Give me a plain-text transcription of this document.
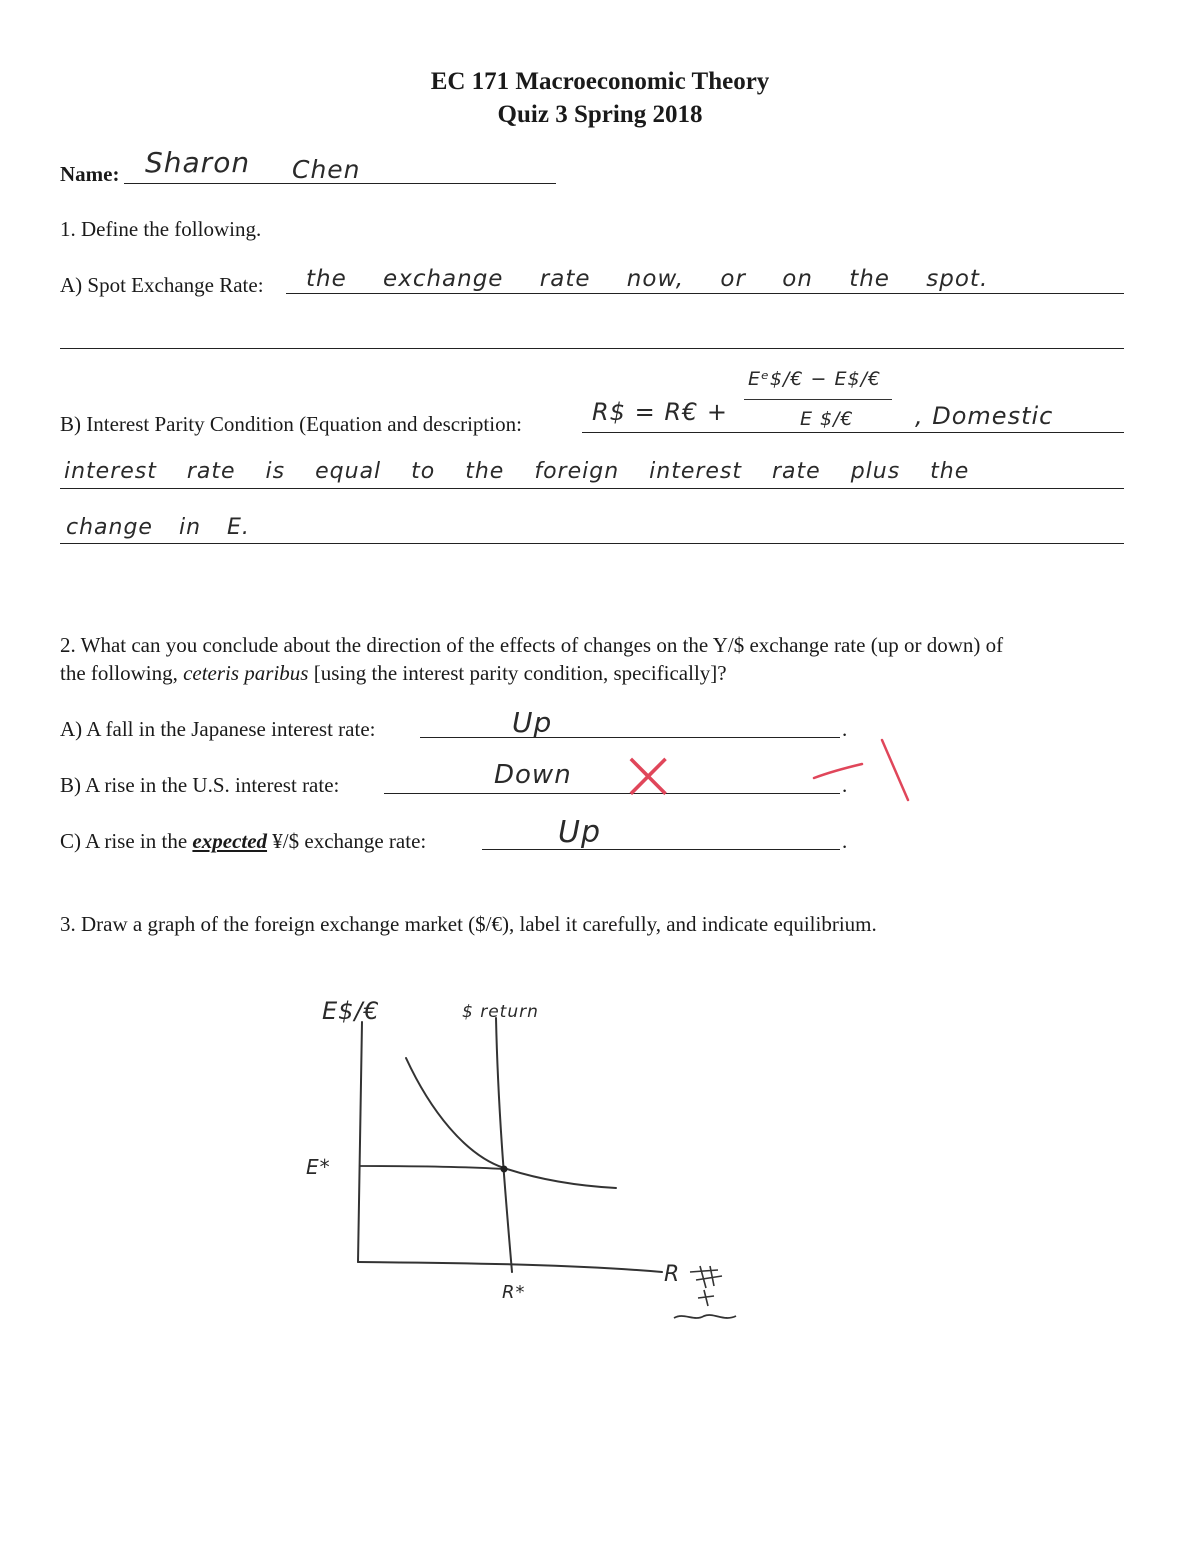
EC 171 Macroeconomic Theory
Quiz 3 Spring 2018
Name: Sharon Chen
1. Define the following.
A) Spot Exchange Rate: the exchange rate now, or on the spot.
B) Interest Parity Condition (Equation and description:	R$ = R€ +
Eᵉ$/€ − E$/€
E $/€	, Domestic
interest rate is equal to the foreign interest rate plus the
change in E.
2. What can you conclude about the direction of the effects of changes on the Y/$ exchange rate (up or down) of
the following, ceteris paribus [using the interest parity condition, specifically]?
A) A fall in the Japanese interest rate:	Up	.
B) A rise in the U.S. interest rate:	Down	.
×
C) A rise in the expected ¥/$ exchange rate:	Up	.
3. Draw a graph of the foreign exchange market ($/€), label it carefully, and indicate equilibrium.
E$/€	$ return
E*
R*
R
